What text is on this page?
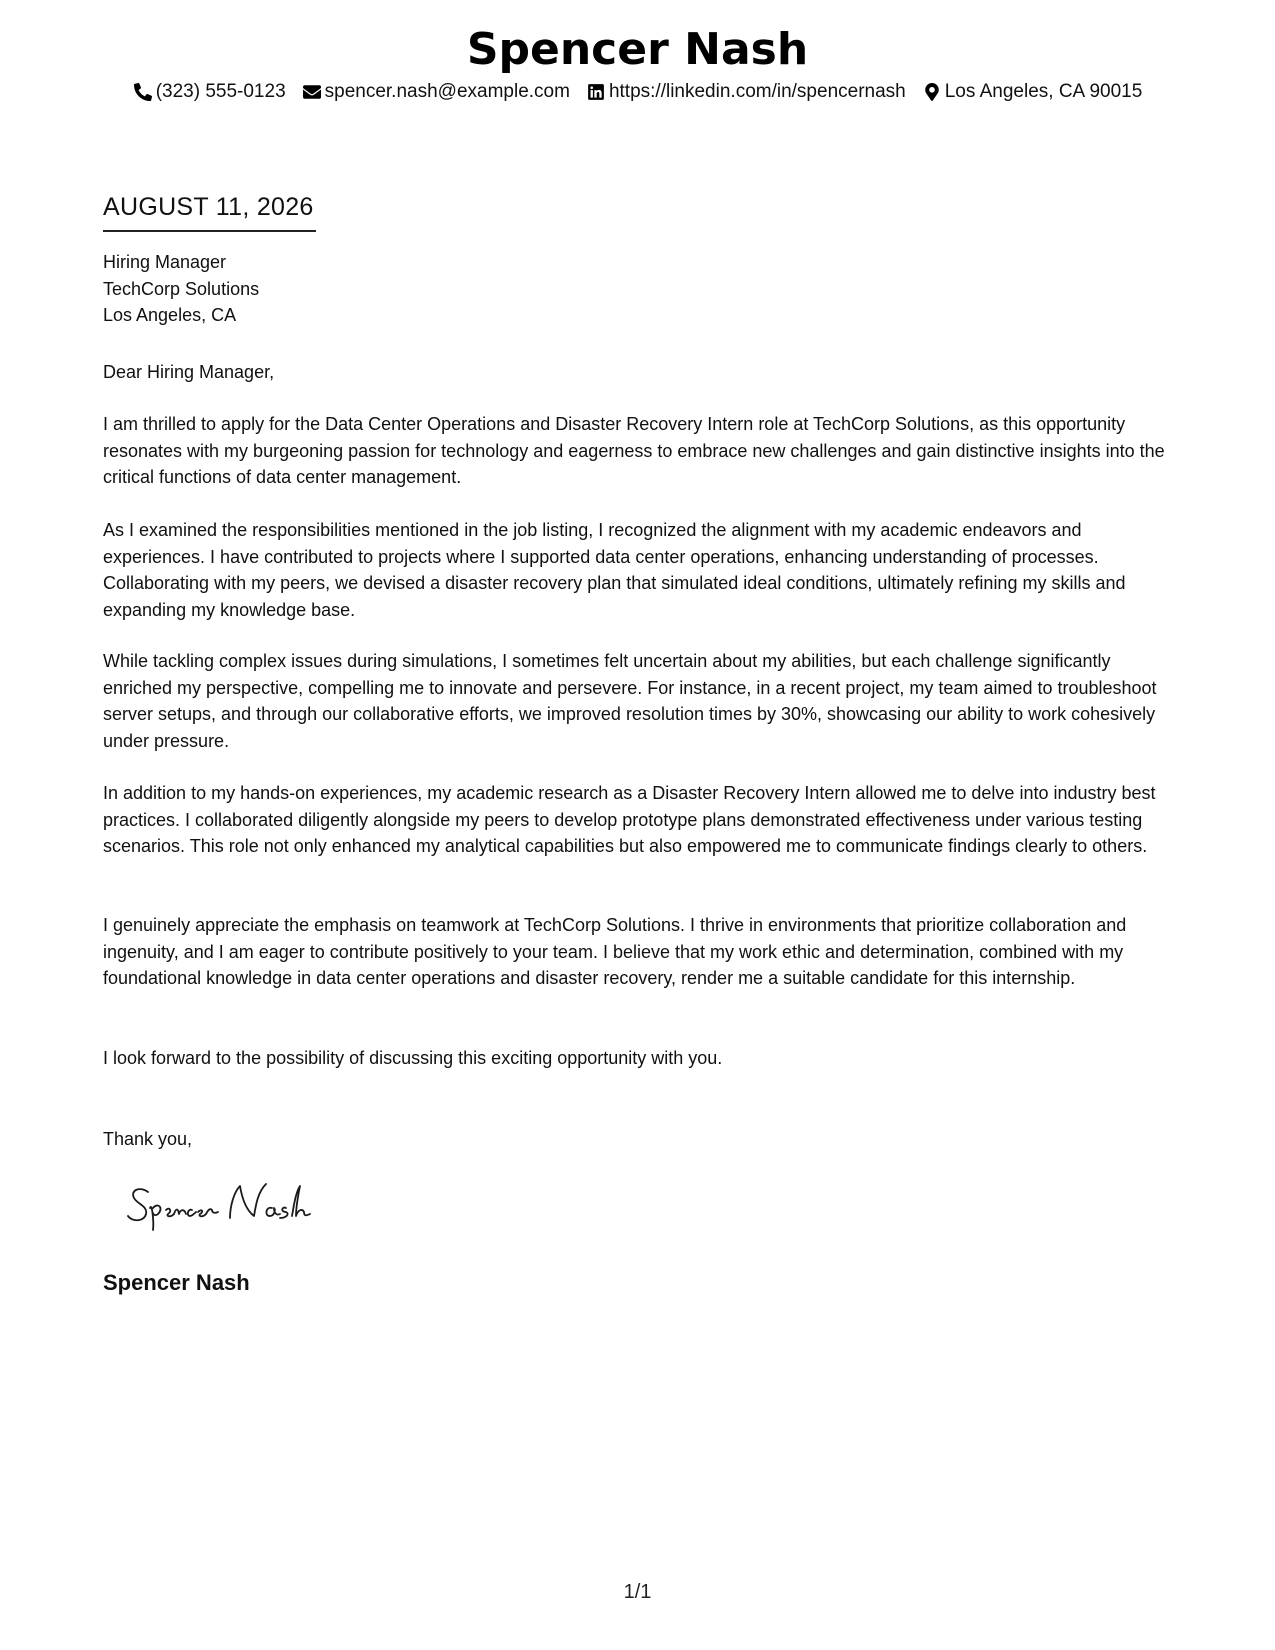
Spencer Nash
(323) 555-0123 spencer.nash@example.com https://linkedin.com/in/spencernash Los Angeles, CA 90015
AUGUST 11, 2026
Hiring Manager
TechCorp Solutions
Los Angeles, CA
Dear Hiring Manager,

I am thrilled to apply for the Data Center Operations and Disaster Recovery Intern role at TechCorp Solutions, as this opportunity resonates with my burgeoning passion for technology and eagerness to embrace new challenges and gain distinctive insights into the critical functions of data center management.

As I examined the responsibilities mentioned in the job listing, I recognized the alignment with my academic endeavors and experiences. I have contributed to projects where I supported data center operations, enhancing understanding of processes. Collaborating with my peers, we devised a disaster recovery plan that simulated ideal conditions, ultimately refining my skills and expanding my knowledge base.

While tackling complex issues during simulations, I sometimes felt uncertain about my abilities, but each challenge significantly enriched my perspective, compelling me to innovate and persevere. For instance, in a recent project, my team aimed to troubleshoot server setups, and through our collaborative efforts, we improved resolution times by 30%, showcasing our ability to work cohesively under pressure.

In addition to my hands-on experiences, my academic research as a Disaster Recovery Intern allowed me to delve into industry best practices. I collaborated diligently alongside my peers to develop prototype plans demonstrated effectiveness under various testing scenarios. This role not only enhanced my analytical capabilities but also empowered me to communicate findings clearly to others.

I genuinely appreciate the emphasis on teamwork at TechCorp Solutions. I thrive in environments that prioritize collaboration and ingenuity, and I am eager to contribute positively to your team. I believe that my work ethic and determination, combined with my foundational knowledge in data center operations and disaster recovery, render me a suitable candidate for this internship.

I look forward to the possibility of discussing this exciting opportunity with you.

Thank you,
Spencer Nash
1/1
